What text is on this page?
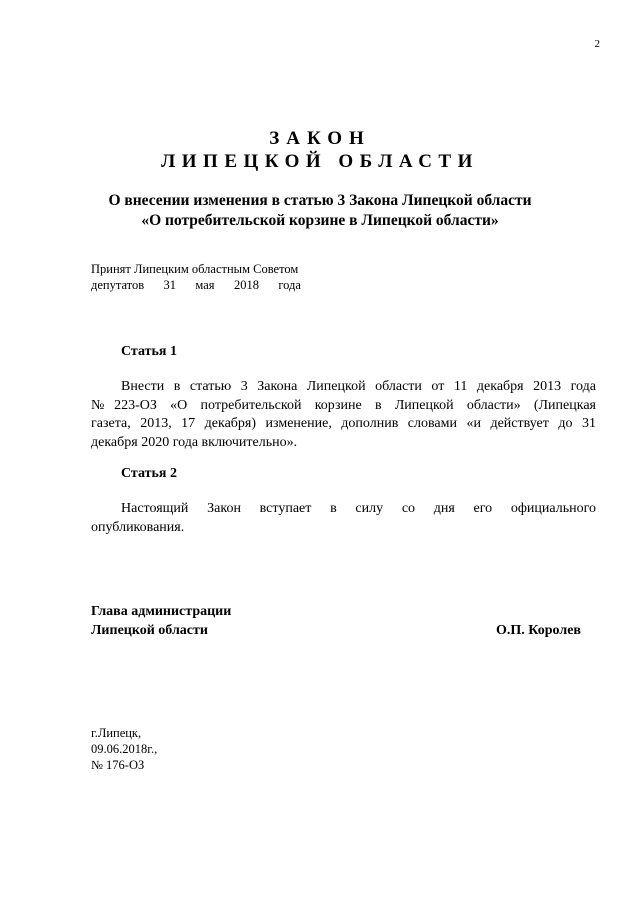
2
ЗАКОН
ЛИПЕЦКОЙ ОБЛАСТИ
О внесении изменения в статью 3 Закона Липецкой области
«О потребительской корзине в Липецкой области»
Принят Липецким областным Советом
депутатов 31 мая 2018 года
Статья 1
Внести в статью 3 Закона Липецкой области от 11 декабря 2013 года
№223-ОЗ «О потребительской корзине в Липецкой области» (Липецкая
газета, 2013, 17 декабря) изменение, дополнив словами «и действует до 31
декабря 2020 года включительно».
Статья 2
Настоящий Закон вступает в силу со дня его официального
опубликования.
Глава администрации
Липецкой области	О.П. Королев
г.Липецк,
09.06.2018г.,
№ 176-ОЗ
